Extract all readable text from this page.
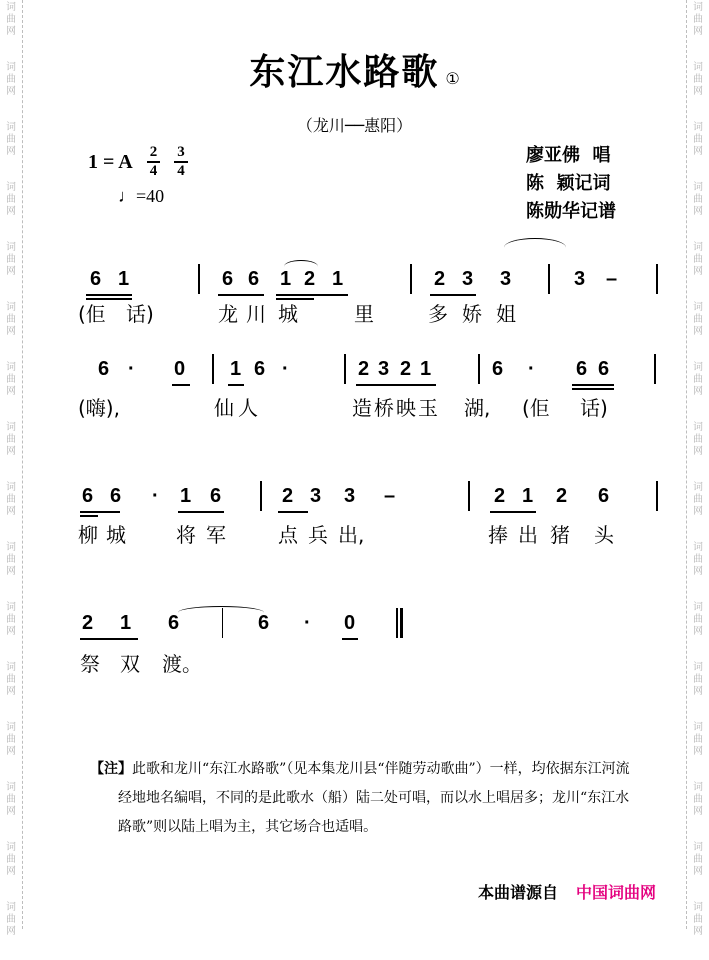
词
曲
网
词
曲
网
词
曲
网
词
曲
网
词
曲
网
词
曲
网
词
曲
网
词
曲
网
词
曲
网
词
曲
网
词
曲
网
词
曲
网
词
曲
网
词
曲
网
词
曲
网
词
曲
网
词
曲
网
词
曲
网
词
曲
网
词
曲
网
词
曲
网
词
曲
网
词
曲
网
词
曲
网
词
曲
网
词
曲
网
词
曲
网
词
曲
网
词
曲
网
词
曲
网
词
曲
网
词
曲
网
东江水路歌 ①
（龙川──惠阳）
1 = A $\frac{2}{4} \frac{3}{4}$
♩=40
廖亚佛  唱
陈  颖记词
陈勋华记谱
6 1	6 6 1 2 1	2 3 3	3 –
(佢 话)	龙 川 城	里	多 娇 姐
6 · 0 1 6 ·	2 3 2 1	6 · 6 6
(嗨),	仙 人	造 桥 映 玉 湖, (佢 话)
6 6 · 1 6	2 3 3 –	2 1 2 6
柳 城	将 军	点 兵 出,	捧 出 猪 头
2 1 6	6 · 0
祭 双 渡。
【注】此歌和龙川“东江水路歌”（见本集龙川县“伴随劳动歌曲”）一样，均依据东江河流经地地名编唱，不同的是此歌水（船）陆二处可唱，而以水上唱居多；龙川“东江水路歌”则以陆上唱为主，其它场合也适唱。
本曲谱源自 中国词曲网
